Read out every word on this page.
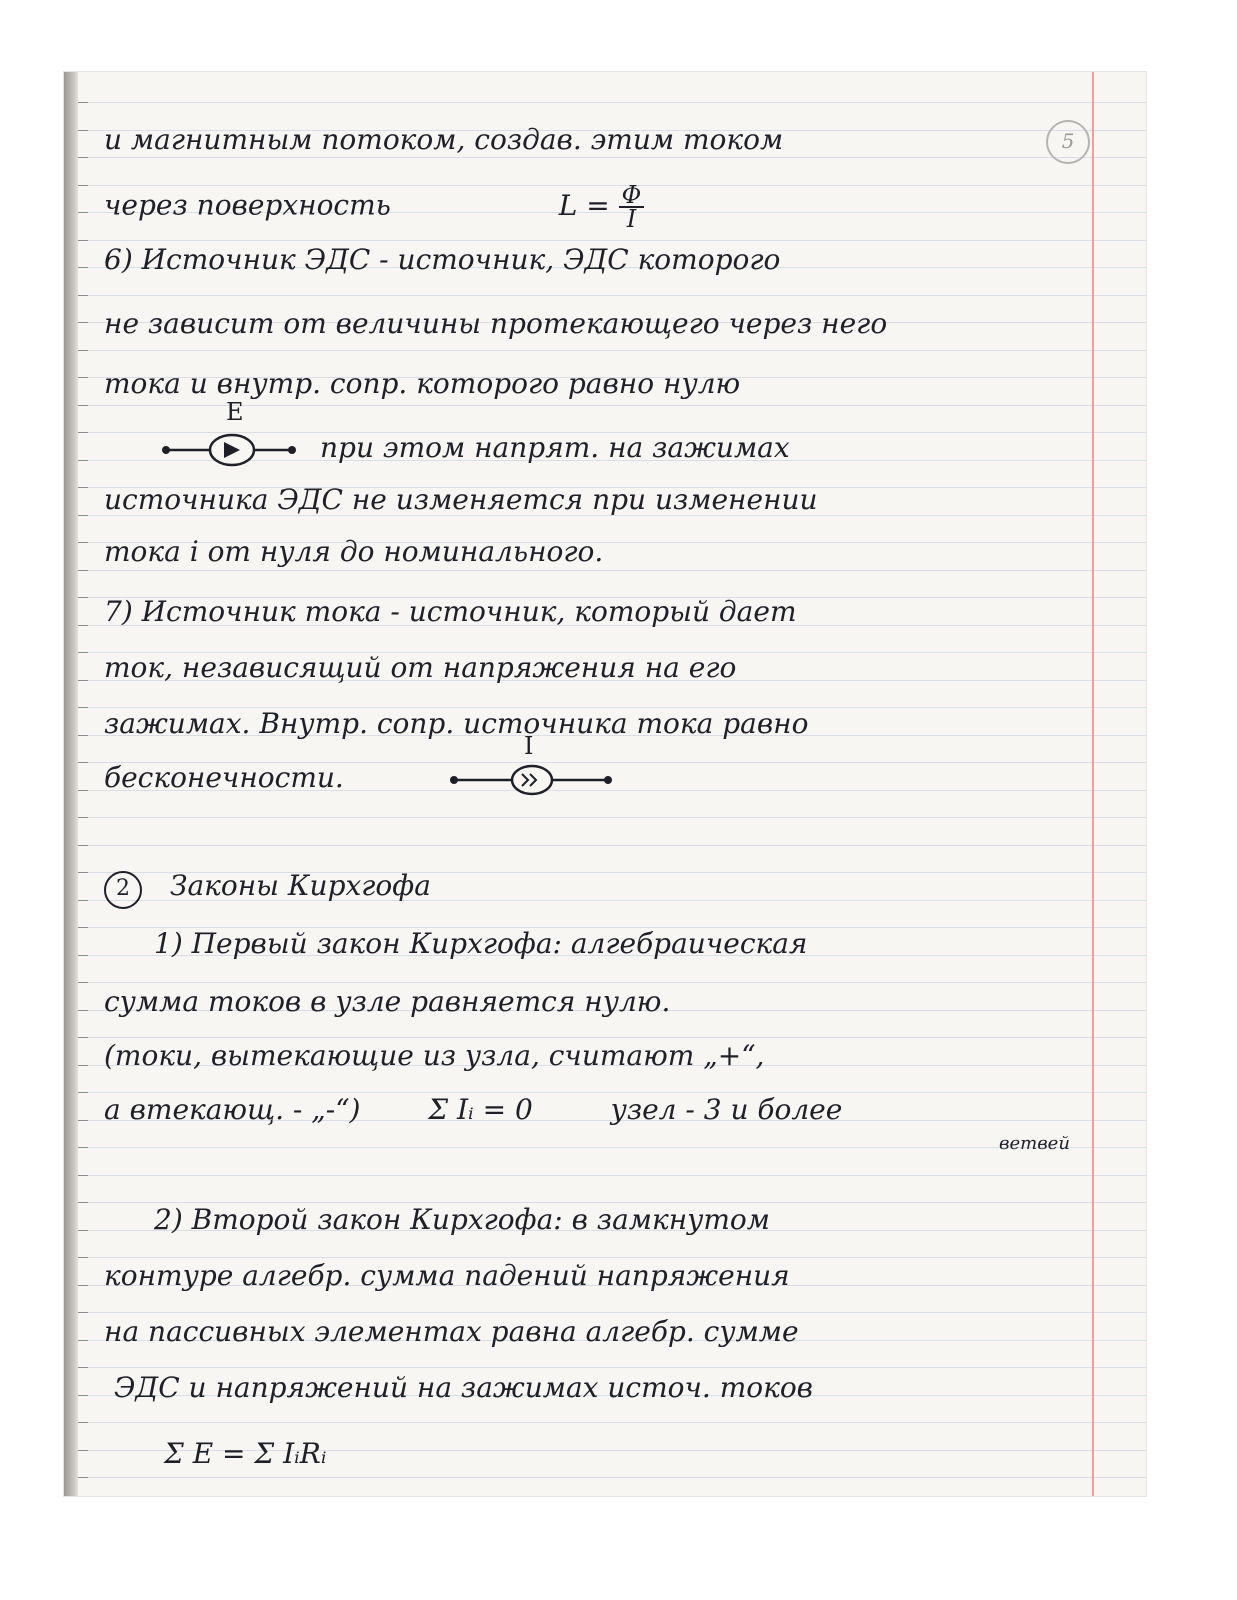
5
и магнитным потоком, создав. этим током
через поверхность	$L = \frac{\Phi}{I}$
6) Источник ЭДС - источник, ЭДС которого
не зависит от величины протекающего через него
тока и внутр. сопр. которого равно нулю
E
при этом напрят. на зажимах
источника ЭДС не изменяется при изменении
тока i от нуля до номинального.
7) Источник тока - источник, который дает
ток, независящий от напряжения на его
зажимах. Внутр. сопр. источника тока равно
бесконечности.
I
2 Законы Кирхгофа
1) Первый закон Кирхгофа: алгебраическая
сумма токов в узле равняется нулю.
(токи, вытекающие из узла, считают „+“,
а втекающ. - „-“) Σ Iᵢ = 0	узел - 3 и более
ветвей
2) Второй закон Кирхгофа: в замкнутом
контуре алгебр. сумма падений напряжения
на пассивных элементах равна алгебр. сумме
ЭДС и напряжений на зажимах источ. токов
Σ E = Σ IᵢRᵢ
